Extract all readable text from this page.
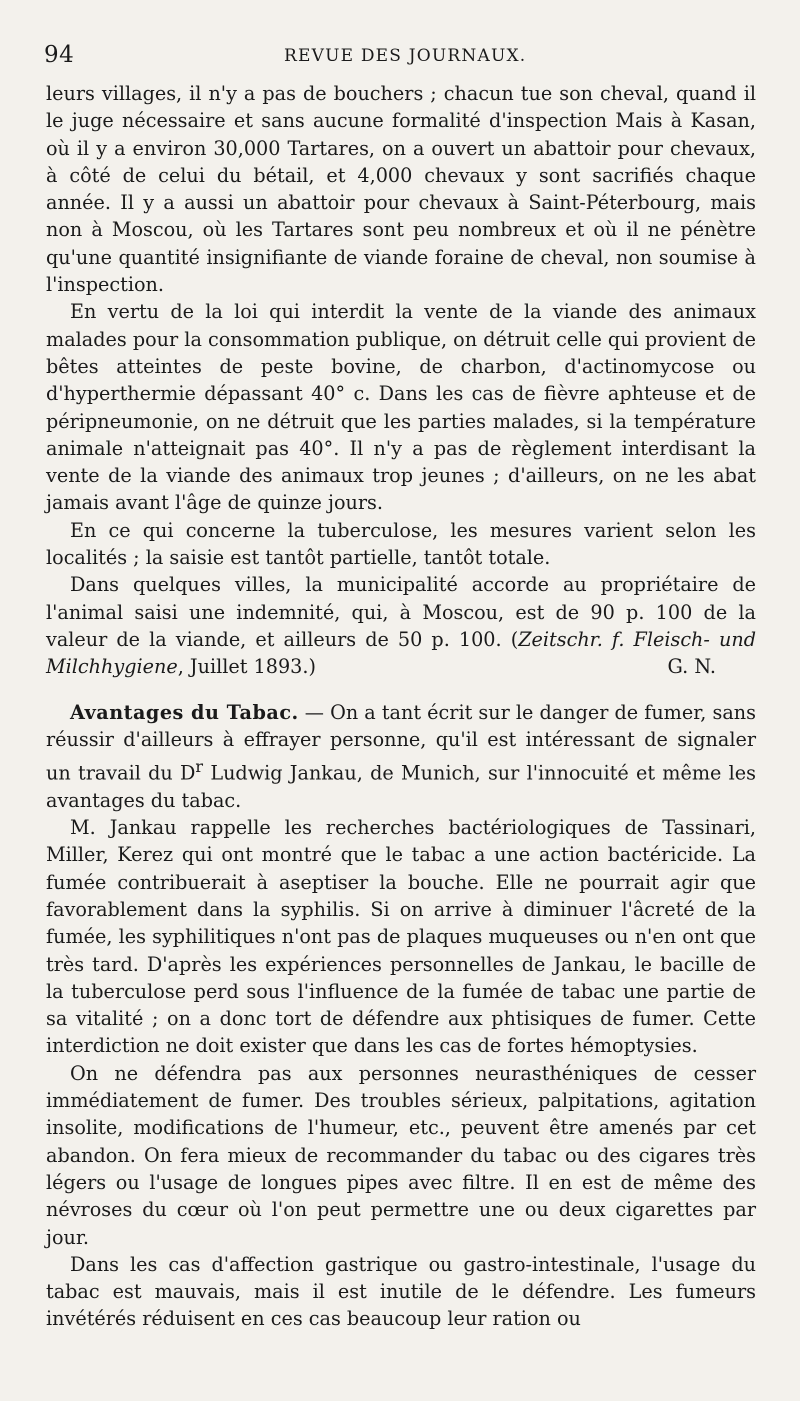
94	REVUE DES JOURNAUX.

leurs villages, il n'y a pas de bouchers ; chacun tue son cheval, quand il le juge nécessaire et sans aucune formalité d'inspection Mais à Kasan, où il y a environ 30,000 Tartares, on a ouvert un abattoir pour chevaux, à côté de celui du bétail, et 4,000 chevaux y sont sacrifiés chaque année. Il y a aussi un abattoir pour chevaux à Saint-Péterbourg, mais non à Moscou, où les Tartares sont peu nombreux et où il ne pénètre qu'une quantité insignifiante de viande foraine de cheval, non soumise à l'inspection.

En vertu de la loi qui interdit la vente de la viande des animaux malades pour la consommation publique, on détruit celle qui provient de bêtes atteintes de peste bovine, de charbon, d'actinomycose ou d'hyperthermie dépassant 40° c. Dans les cas de fièvre aphteuse et de péripneumonie, on ne détruit que les parties malades, si la température animale n'atteignait pas 40°. Il n'y a pas de règlement interdisant la vente de la viande des animaux trop jeunes ; d'ailleurs, on ne les abat jamais avant l'âge de quinze jours.

En ce qui concerne la tuberculose, les mesures varient selon les localités ; la saisie est tantôt partielle, tantôt totale.

Dans quelques villes, la municipalité accorde au propriétaire de l'animal saisi une indemnité, qui, à Moscou, est de 90 p. 100 de la valeur de la viande, et ailleurs de 50 p. 100. (Zeitschr. f. Fleisch- und Milchhygiene, Juillet 1893.)	G. N.

Avantages du Tabac. — On a tant écrit sur le danger de fumer, sans réussir d'ailleurs à effrayer personne, qu'il est intéressant de signaler un travail du $D^r$ Ludwig Jankau, de Munich, sur l'innocuité et même les avantages du tabac.

M. Jankau rappelle les recherches bactériologiques de Tassinari, Miller, Kerez qui ont montré que le tabac a une action bactéricide. La fumée contribuerait à aseptiser la bouche. Elle ne pourrait agir que favorablement dans la syphilis. Si on arrive à diminuer l'âcreté de la fumée, les syphilitiques n'ont pas de plaques muqueuses ou n'en ont que très tard. D'après les expériences personnelles de Jankau, le bacille de la tuberculose perd sous l'influence de la fumée de tabac une partie de sa vitalité ; on a donc tort de défendre aux phtisiques de fumer. Cette interdiction ne doit exister que dans les cas de fortes hémoptysies.

On ne défendra pas aux personnes neurasthéniques de cesser immédiatement de fumer. Des troubles sérieux, palpitations, agitation insolite, modifications de l'humeur, etc., peuvent être amenés par cet abandon. On fera mieux de recommander du tabac ou des cigares très légers ou l'usage de longues pipes avec filtre. Il en est de même des névroses du cœur où l'on peut permettre une ou deux cigarettes par jour.

Dans les cas d'affection gastrique ou gastro-intestinale, l'usage du tabac est mauvais, mais il est inutile de le défendre. Les fumeurs invétérés réduisent en ces cas beaucoup leur ration ou
